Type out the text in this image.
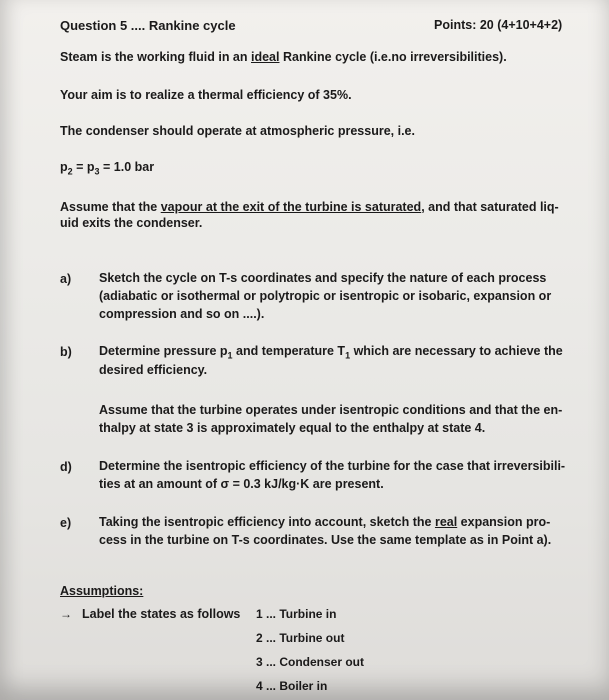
Question 5 .... Rankine cycle	Points: 20 (4+10+4+2)
Steam is the working fluid in an ideal Rankine cycle (i.e.no irreversibilities).
Your aim is to realize a thermal efficiency of 35%.
The condenser should operate at atmospheric pressure, i.e.
$p_2 = p_3 = 1.0$ bar
Assume that the vapour at the exit of the turbine is saturated, and that saturated liq-
uid exits the condenser.
a) Sketch the cycle on T-s coordinates and specify the nature of each process
(adiabatic or isothermal or polytropic or isentropic or isobaric, expansion or
compression and so on ....).
b) Determine pressure $p_1$ and temperature $T_1$ which are necessary to achieve the
desired efficiency.
Assume that the turbine operates under isentropic conditions and that the en-
thalpy at state 3 is approximately equal to the enthalpy at state 4.
d) Determine the isentropic efficiency of the turbine for the case that irreversibili-
ties at an amount of σ = 0.3 kJ/kg·K are present.
e) Taking the isentropic efficiency into account, sketch the real expansion pro-
cess in the turbine on T-s coordinates. Use the same template as in Point a).
Assumptions:
→ Label the states as follows 1 ... Turbine in
2 ... Turbine out
3 ... Condenser out
4 ... Boiler in
